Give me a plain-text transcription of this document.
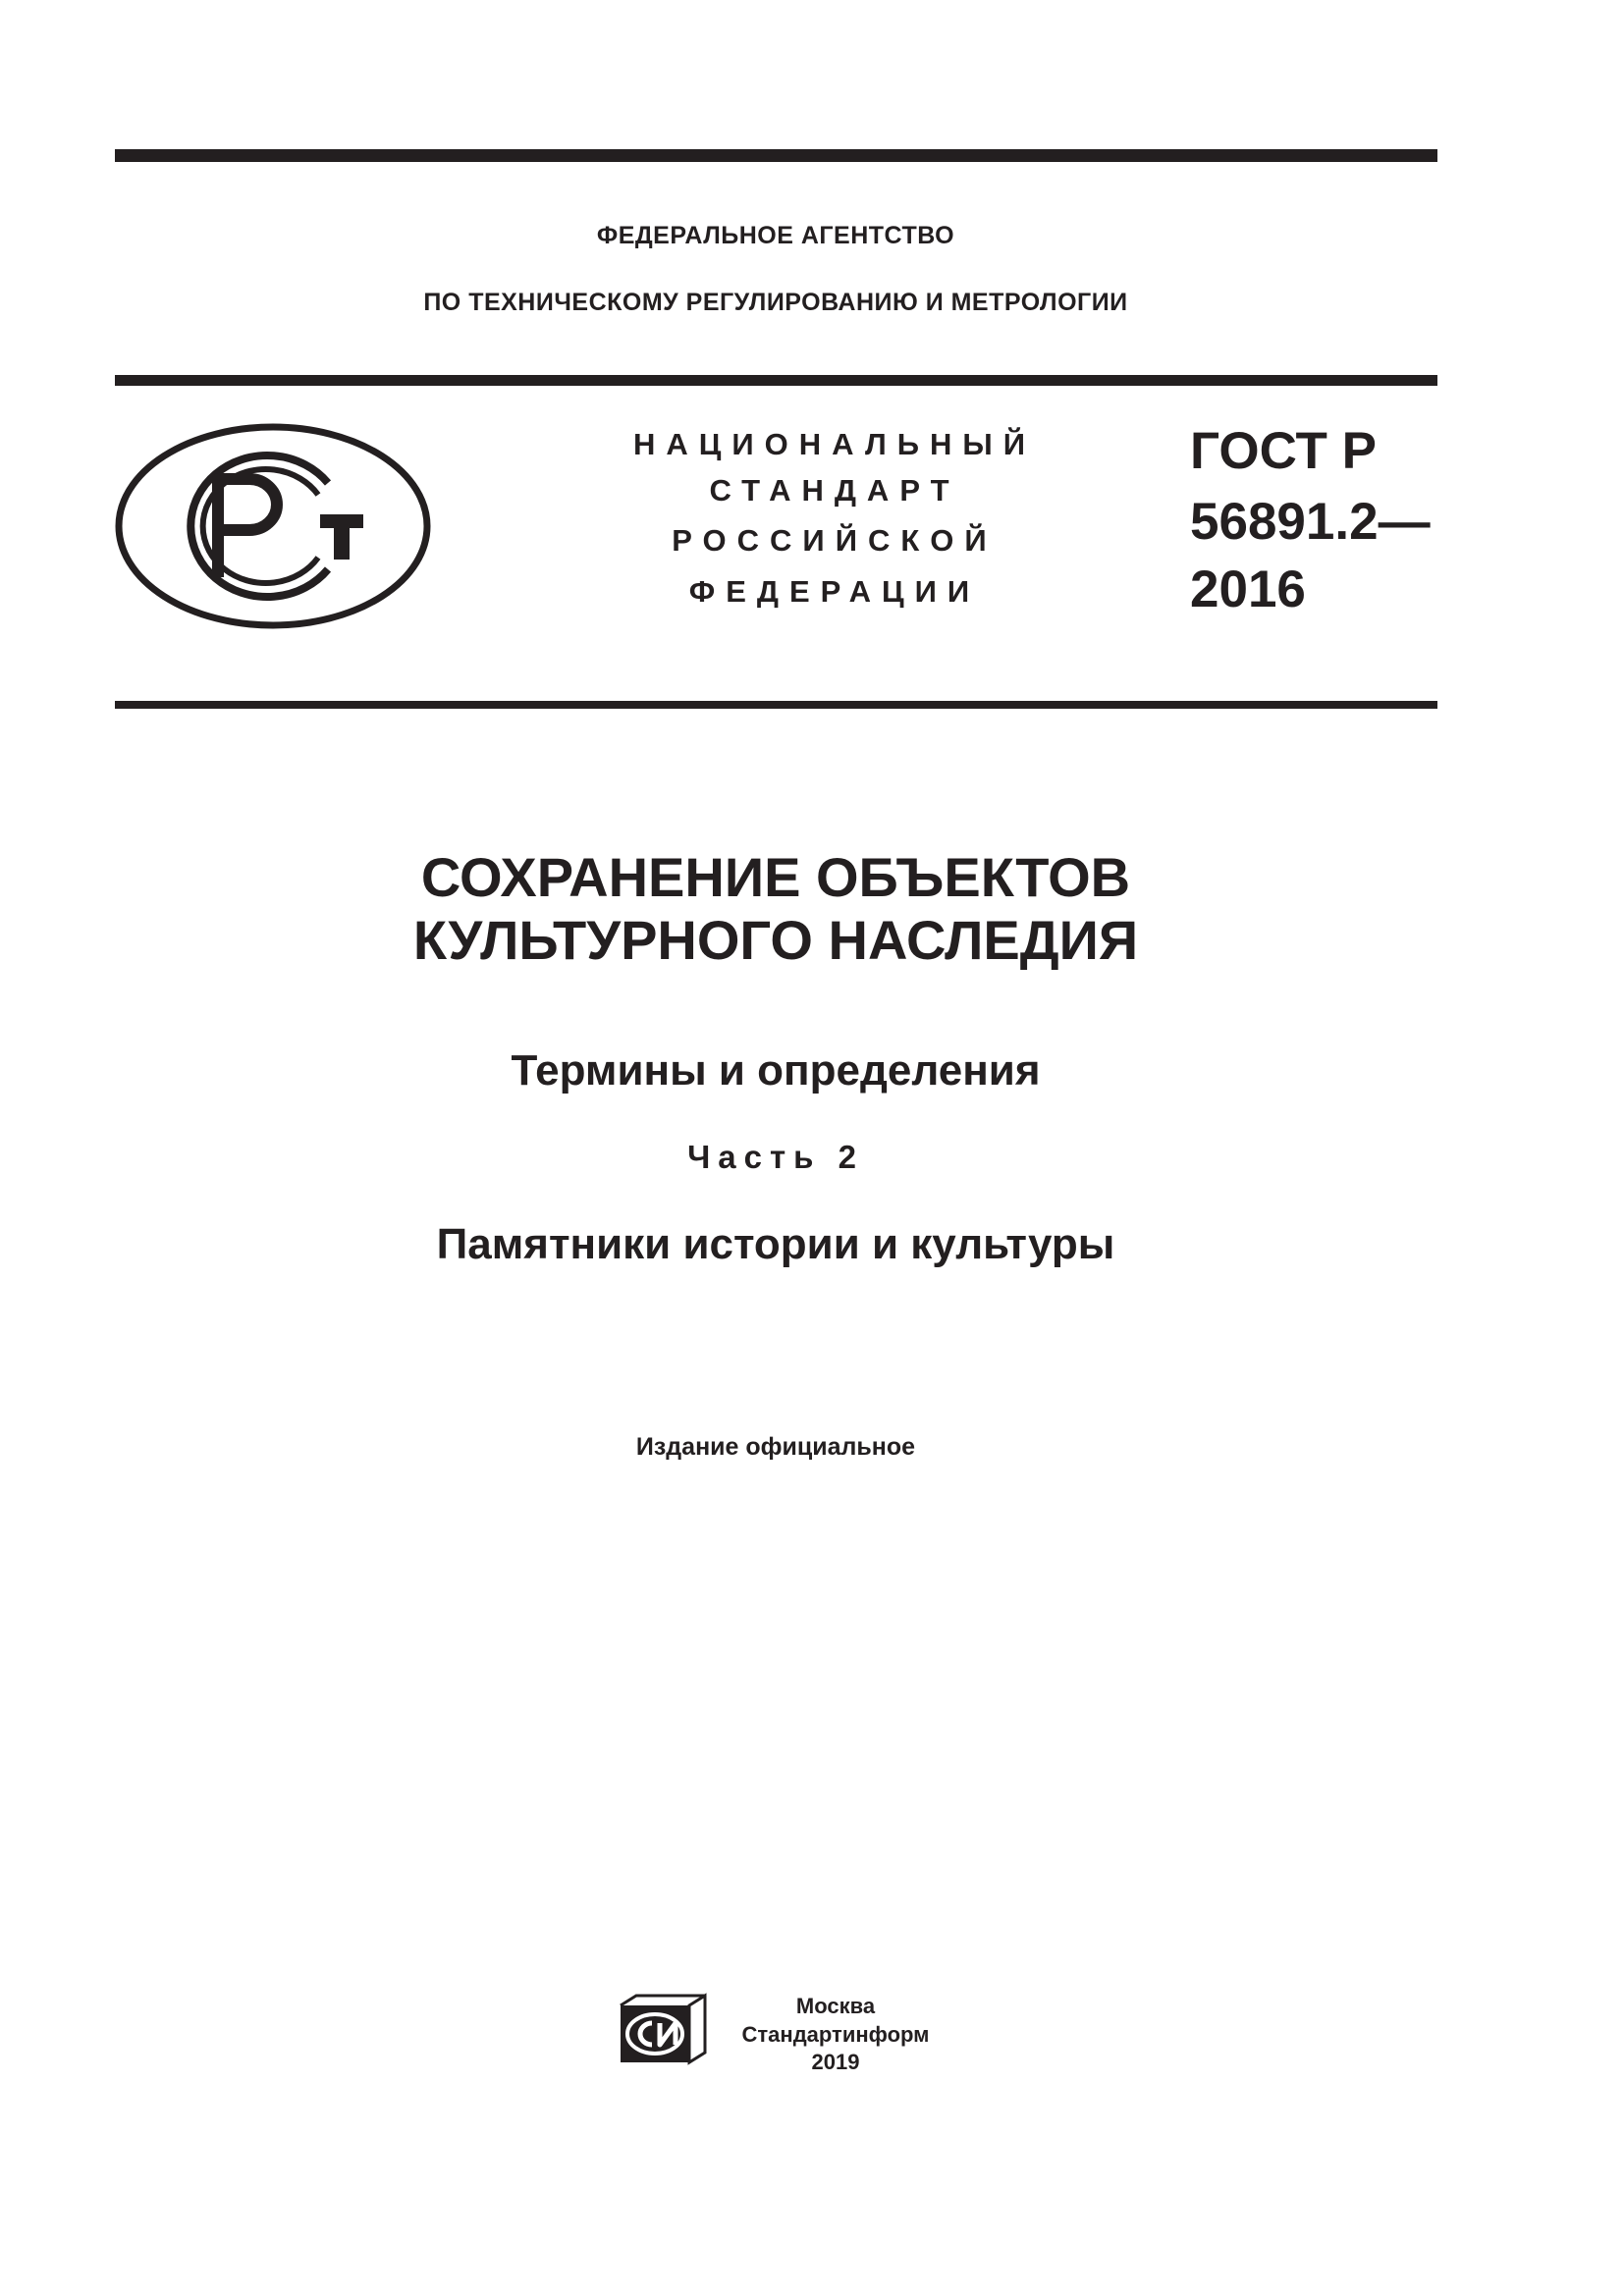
ФЕДЕРАЛЬНОЕ АГЕНТСТВО
ПО ТЕХНИЧЕСКОМУ РЕГУЛИРОВАНИЮ И МЕТРОЛОГИИ
НАЦИОНАЛЬНЫЙ
СТАНДАРТ
РОССИЙСКОЙ
ФЕДЕРАЦИИ
ГОСТ Р
56891.2—
2016
СОХРАНЕНИЕ ОБЪЕКТОВ
КУЛЬТУРНОГО НАСЛЕДИЯ
Термины и определения
Часть 2
Памятники истории и культуры
Издание официальное
Москва
Стандартинформ
2019
